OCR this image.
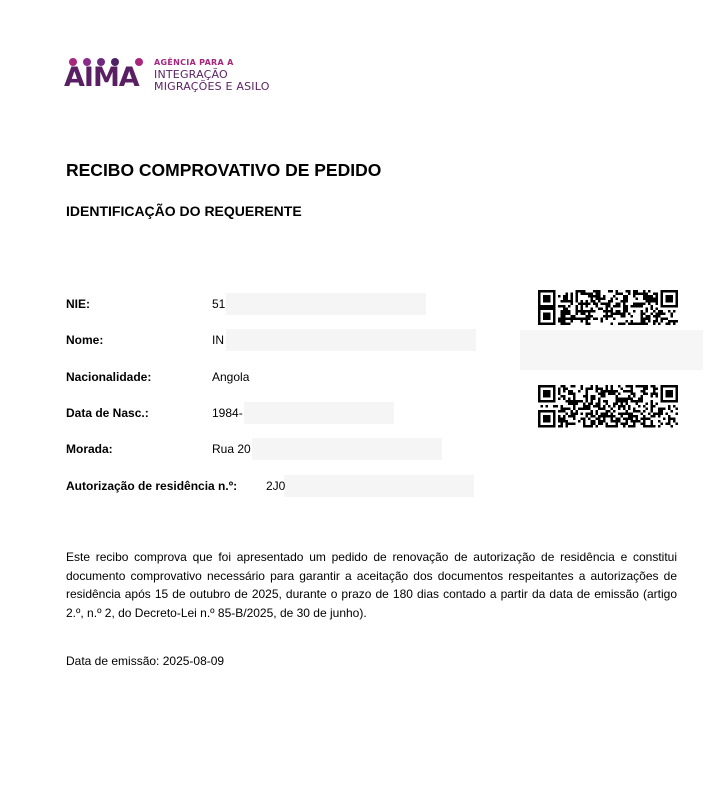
AIMA AGÊNCIA PARA A
INTEGRAÇÃO
MIGRAÇÕES E ASILO
RECIBO COMPROVATIVO DE PEDIDO
IDENTIFICAÇÃO DO REQUERENTE
NIE:	51
Nome:	IN
Nacionalidade:	Angola
Data de Nasc.:	1984-
Morada:	Rua 20
Autorização de residência n.º: 2J0

Este recibo comprova que foi apresentado um pedido de renovação de autorização de residência e constitui documento comprovativo necessário para garantir a aceitação dos documentos respeitantes a autorizações de residência após 15 de outubro de 2025, durante o prazo de 180 dias contado a partir da data de emissão (artigo 2.º, n.º 2, do Decreto-Lei n.º 85-B/2025, de 30 de junho).

Data de emissão: 2025-08-09
